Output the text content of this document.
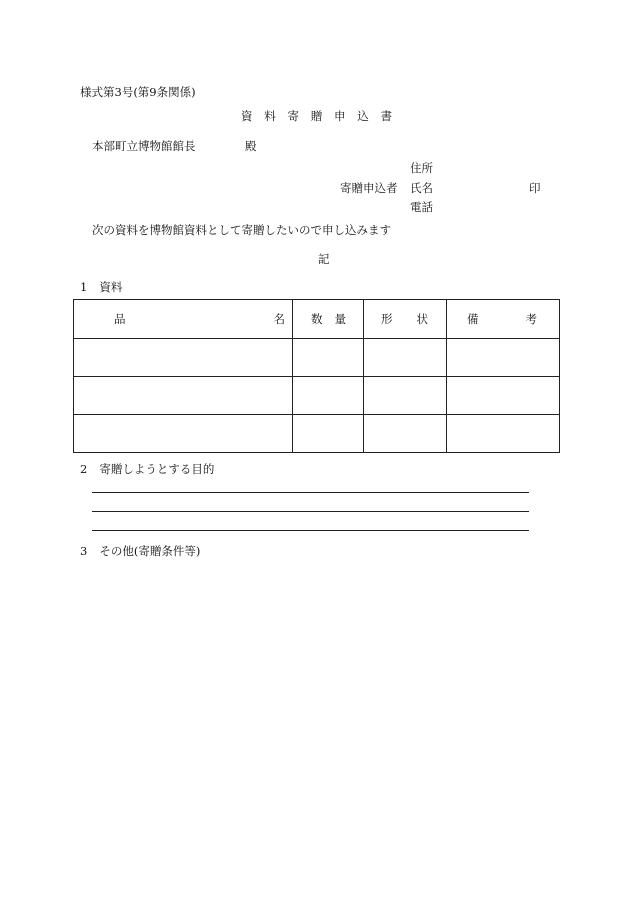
様式第3号(第9条関係)
資 料 寄 贈 申 込 書
本部町立博物館館長	殿
住所
寄贈申込者 氏名	印
電話
次の資料を博物館資料として寄贈したいので申し込みます
記
1 資料
品 名	数 量	形 状	備 考

2 寄贈しようとする目的
3 その他(寄贈条件等)
